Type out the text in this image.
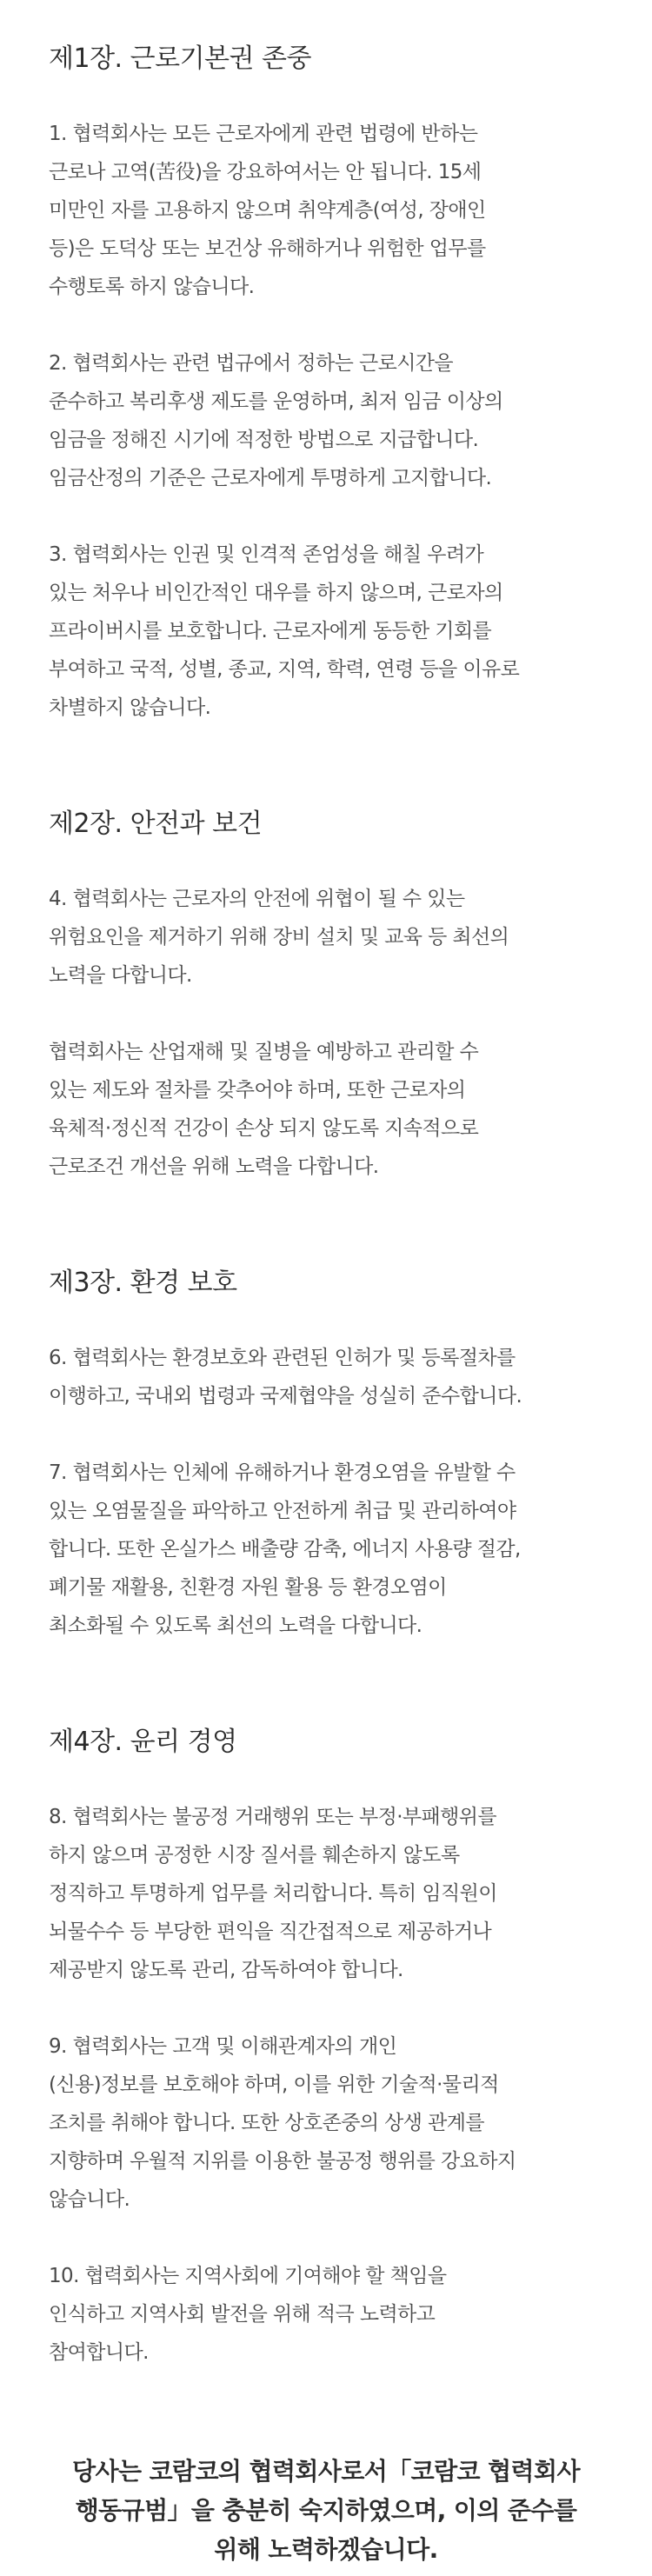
제1장. 근로기본권 존중

1. 협력회사는 모든 근로자에게 관련 법령에 반하는
근로나 고역(苦役)을 강요하여서는 안 됩니다. 15세
미만인 자를 고용하지 않으며 취약계층(여성, 장애인
등)은 도덕상 또는 보건상 유해하거나 위험한 업무를
수행토록 하지 않습니다.

2. 협력회사는 관련 법규에서 정하는 근로시간을
준수하고 복리후생 제도를 운영하며, 최저 임금 이상의
임금을 정해진 시기에 적정한 방법으로 지급합니다.
임금산정의 기준은 근로자에게 투명하게 고지합니다.

3. 협력회사는 인권 및 인격적 존엄성을 해칠 우려가
있는 처우나 비인간적인 대우를 하지 않으며, 근로자의
프라이버시를 보호합니다. 근로자에게 동등한 기회를
부여하고 국적, 성별, 종교, 지역, 학력, 연령 등을 이유로
차별하지 않습니다.

제2장. 안전과 보건

4. 협력회사는 근로자의 안전에 위협이 될 수 있는
위험요인을 제거하기 위해 장비 설치 및 교육 등 최선의
노력을 다합니다.

협력회사는 산업재해 및 질병을 예방하고 관리할 수
있는 제도와 절차를 갖추어야 하며, 또한 근로자의
육체적·정신적 건강이 손상 되지 않도록 지속적으로
근로조건 개선을 위해 노력을 다합니다.

제3장. 환경 보호

6. 협력회사는 환경보호와 관련된 인허가 및 등록절차를
이행하고, 국내외 법령과 국제협약을 성실히 준수합니다.

7. 협력회사는 인체에 유해하거나 환경오염을 유발할 수
있는 오염물질을 파악하고 안전하게 취급 및 관리하여야
합니다. 또한 온실가스 배출량 감축, 에너지 사용량 절감,
폐기물 재활용, 친환경 자원 활용 등 환경오염이
최소화될 수 있도록 최선의 노력을 다합니다.

제4장. 윤리 경영

8. 협력회사는 불공정 거래행위 또는 부정·부패행위를
하지 않으며 공정한 시장 질서를 훼손하지 않도록
정직하고 투명하게 업무를 처리합니다. 특히 임직원이
뇌물수수 등 부당한 편익을 직간접적으로 제공하거나
제공받지 않도록 관리, 감독하여야 합니다.

9. 협력회사는 고객 및 이해관계자의 개인
(신용)정보를 보호해야 하며, 이를 위한 기술적·물리적
조치를 취해야 합니다. 또한 상호존중의 상생 관계를
지향하며 우월적 지위를 이용한 불공정 행위를 강요하지
않습니다.

10. 협력회사는 지역사회에 기여해야 할 책임을
인식하고 지역사회 발전을 위해 적극 노력하고
참여합니다.

당사는 코람코의 협력회사로서「코람코 협력회사
행동규범」을 충분히 숙지하였으며, 이의 준수를
위해 노력하겠습니다.
